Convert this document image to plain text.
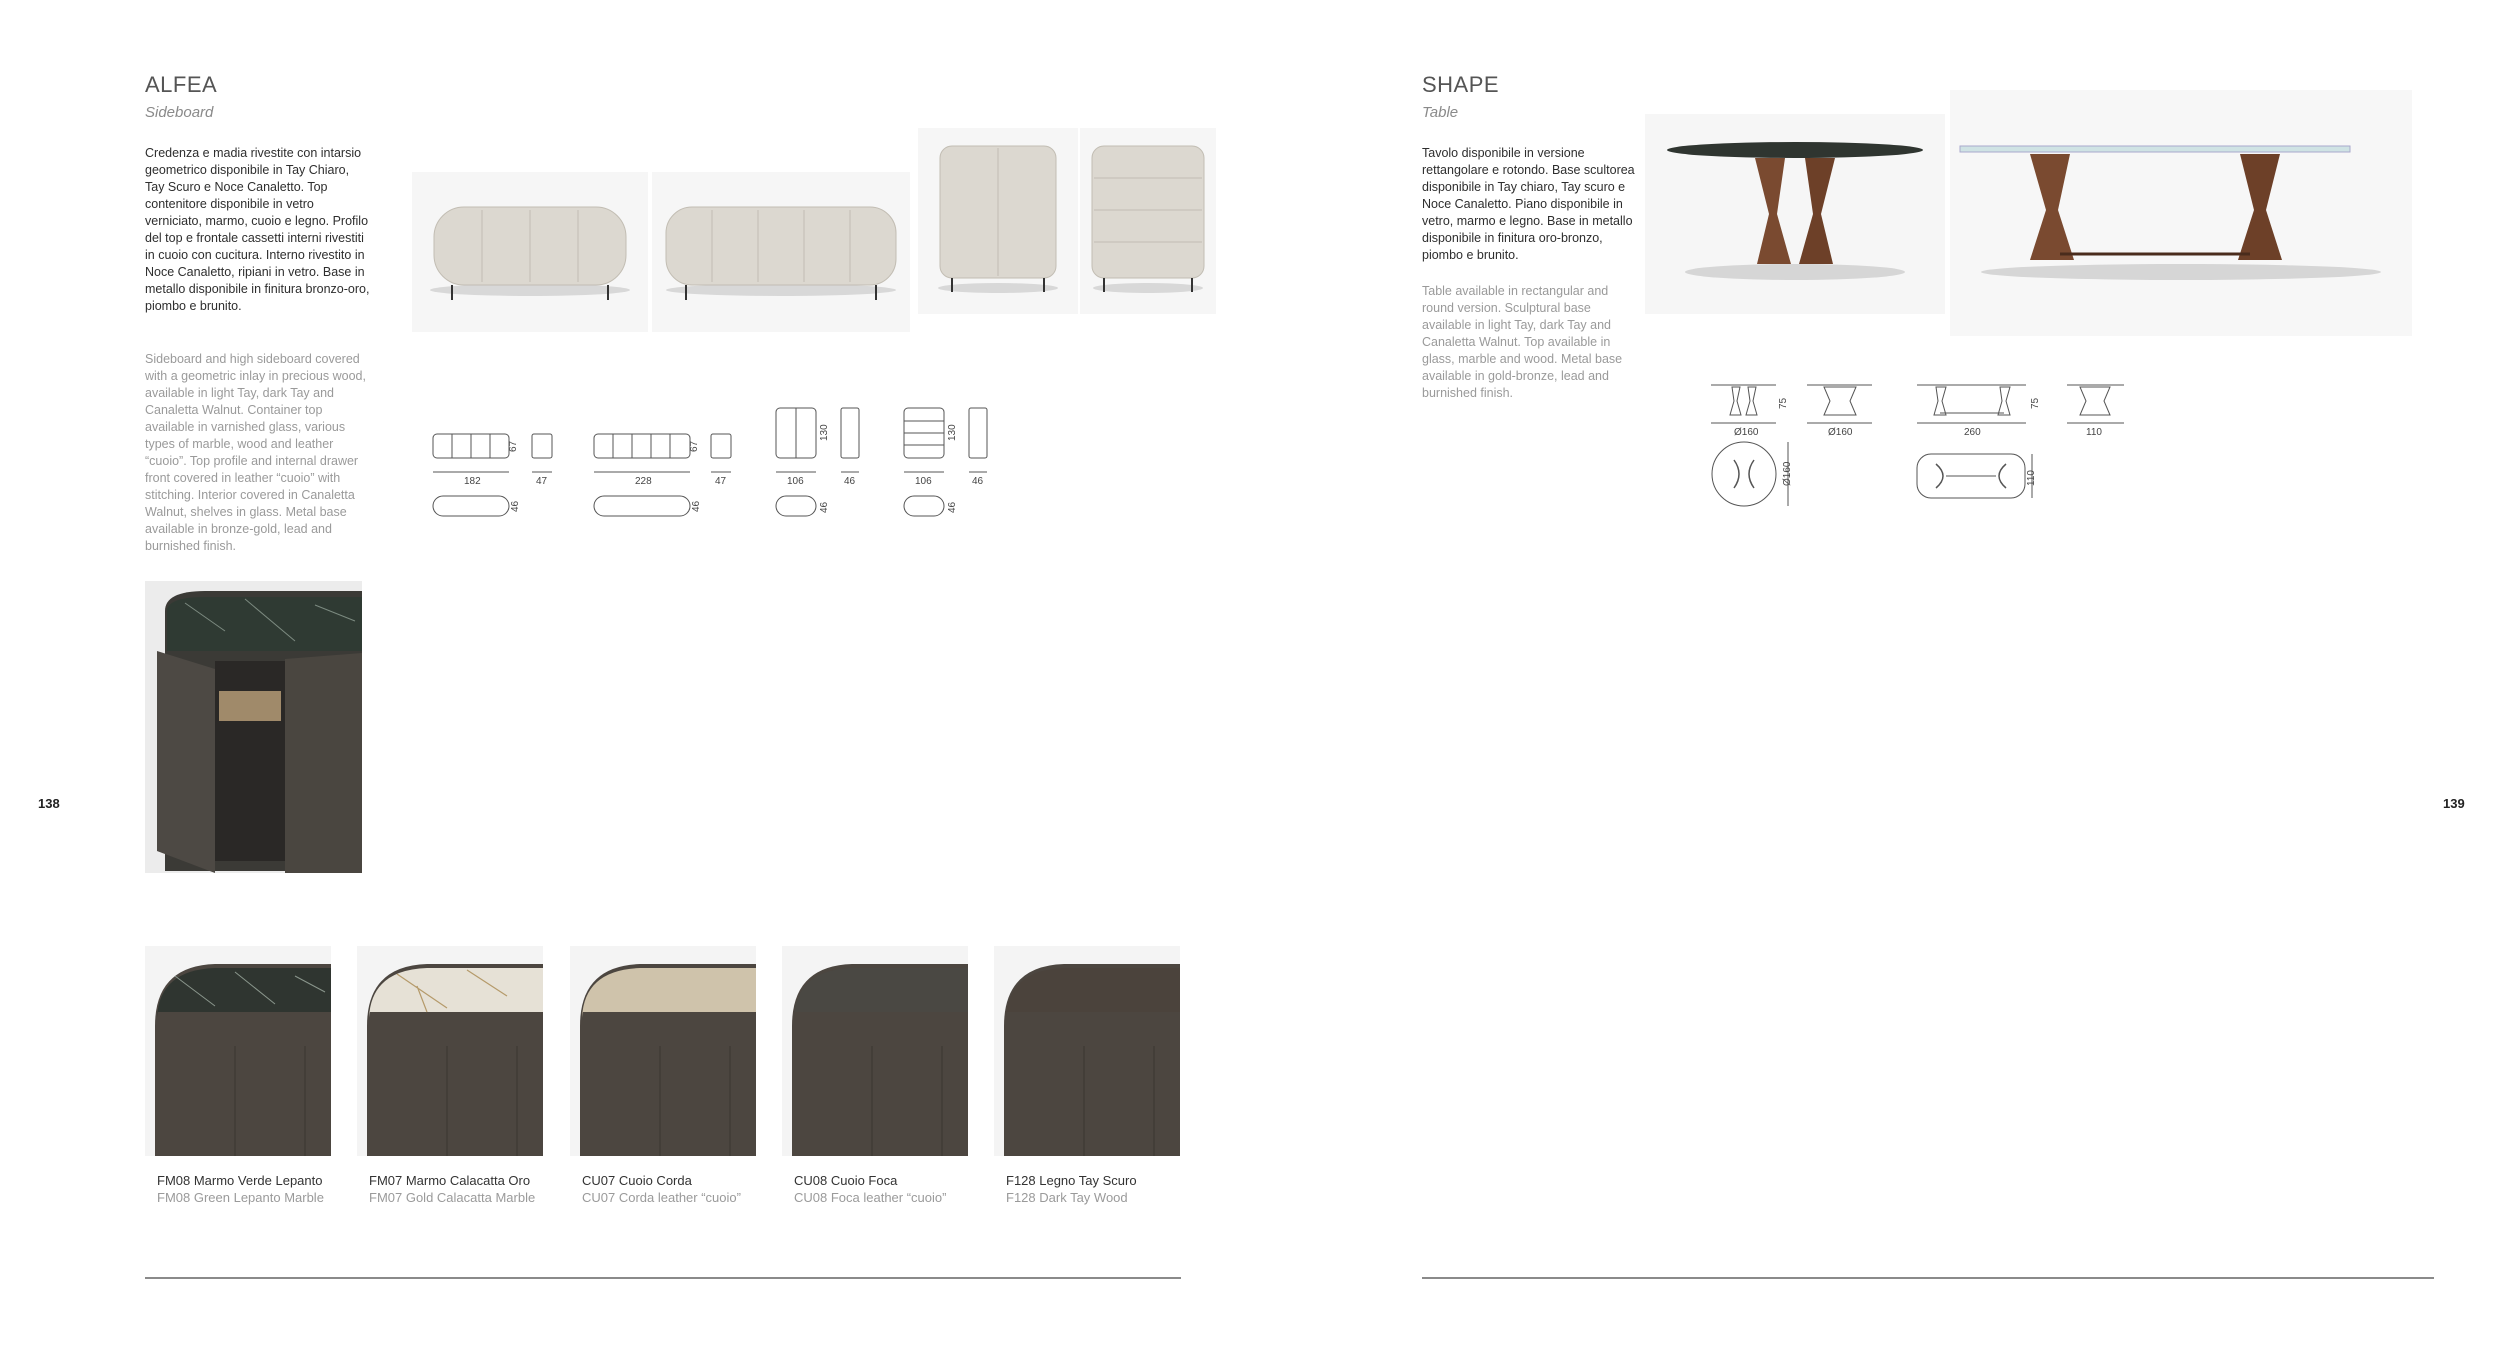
ALFEA
Sideboard
Credenza e madia rivestite con intarsio geometrico disponibile in Tay Chiaro, Tay Scuro e Noce Canaletto. Top contenitore disponibile in vetro verniciato, marmo, cuoio e legno. Profilo del top e frontale cassetti interni rivestiti in cuoio con cucitura. Interno rivestito in Noce Canaletto, ripiani in vetro. Base in metallo disponibile in finitura bronzo-oro, piombo e brunito.
Sideboard and high sideboard covered with a geometric inlay in precious wood, available in light Tay, dark Tay and Canaletta Walnut. Container top available in varnished glass, various types of marble, wood and leather “cuoio”. Top profile and internal drawer front covered in leather “cuoio” with stitching. Interior covered in Canaletta Walnut, shelves in glass. Metal base available in bronze-gold, lead and burnished finish.
138
182
67
47
46
228
67
47
46
106
130
46
46
106
130
46
46
FM08 Marmo Verde Lepanto
FM08 Green Lepanto Marble
FM07 Marmo Calacatta Oro
FM07 Gold Calacatta Marble
CU07 Cuoio Corda
CU07 Corda leather “cuoio”
CU08 Cuoio Foca
CU08 Foca leather “cuoio”
F128 Legno Tay Scuro
F128 Dark Tay Wood
SHAPE
Table
Tavolo disponibile in versione rettangolare e rotondo. Base scultorea disponibile in Tay chiaro, Tay scuro e Noce Canaletto. Piano disponibile in vetro, marmo e legno. Base in metallo disponibile in finitura oro-bronzo, piombo e brunito.
Table available in rectangular and round version. Sculptural base available in light Tay, dark Tay and Canaletta Walnut. Top available in glass, marble and wood. Metal base available in gold-bronze, lead and burnished finish.
139
Ø160
75
Ø160
Ø160
260
75
110
110
